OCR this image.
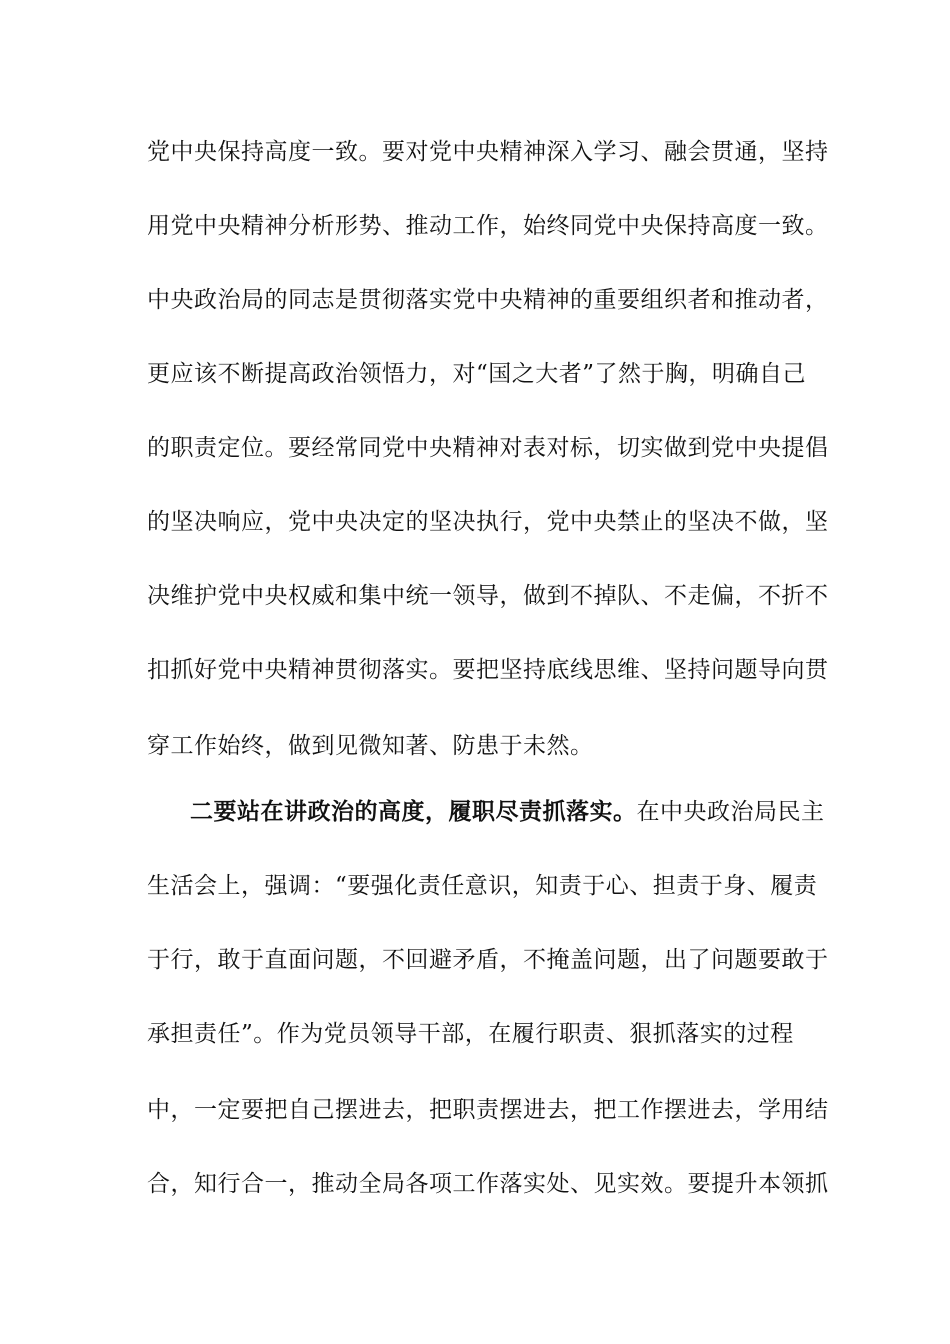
党中央保持高度一致。要对党中央精神深入学习、融会贯通，坚持
用党中央精神分析形势、推动工作，始终同党中央保持高度一致。
中央政治局的同志是贯彻落实党中央精神的重要组织者和推动者，
更应该不断提高政治领悟力，对“国之大者”了然于胸，明确自己
的职责定位。要经常同党中央精神对表对标，切实做到党中央提倡
的坚决响应，党中央决定的坚决执行，党中央禁止的坚决不做，坚
决维护党中央权威和集中统一领导，做到不掉队、不走偏，不折不
扣抓好党中央精神贯彻落实。要把坚持底线思维、坚持问题导向贯
穿工作始终，做到见微知著、防患于未然。
二要站在讲政治的高度，履职尽责抓落实。在中央政治局民主
生活会上，强调：“要强化责任意识，知责于心、担责于身、履责
于行，敢于直面问题，不回避矛盾，不掩盖问题，出了问题要敢于
承担责任”。作为党员领导干部，在履行职责、狠抓落实的过程
中，一定要把自己摆进去，把职责摆进去，把工作摆进去，学用结
合，知行合一，推动全局各项工作落实处、见实效。要提升本领抓
